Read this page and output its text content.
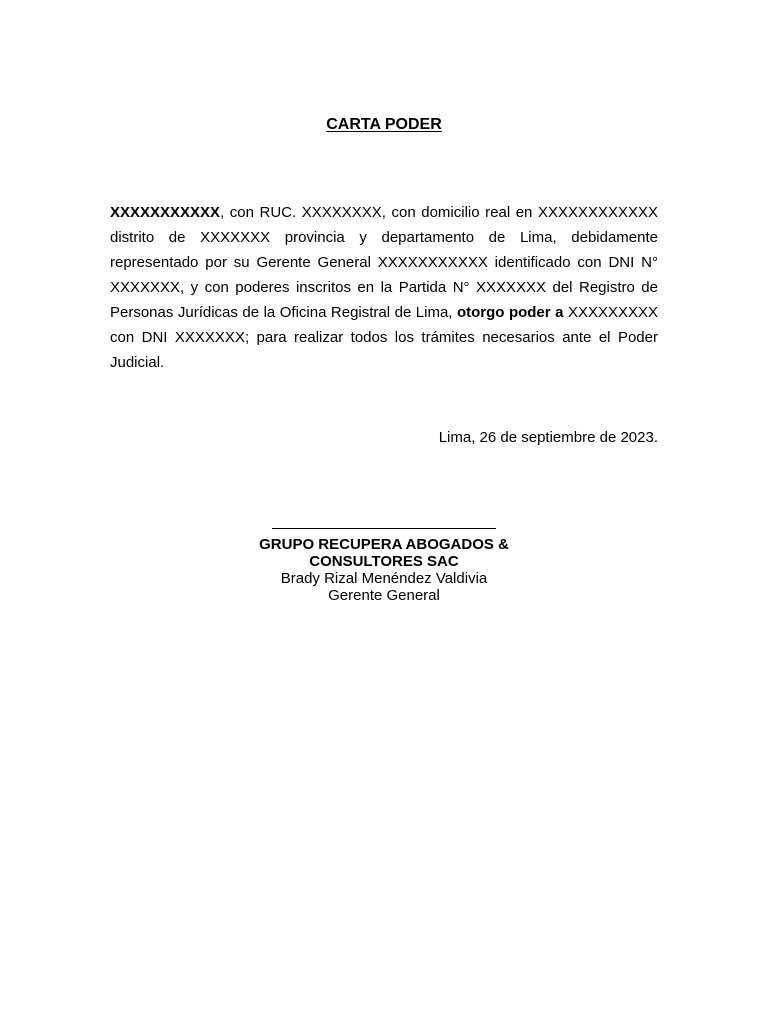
CARTA PODER
XXXXXXXXXXX, con RUC. XXXXXXXX, con domicilio real en XXXXXXXXXXXX distrito de XXXXXXX provincia y departamento de Lima, debidamente representado por su Gerente General XXXXXXXXXXX identificado con DNI N° XXXXXXX, y con poderes inscritos en la Partida N° XXXXXXX del Registro de Personas Jurídicas de la Oficina Registral de Lima, otorgo poder a XXXXXXXXX con DNI XXXXXXX; para realizar todos los trámites necesarios ante el Poder Judicial.
Lima, 26 de septiembre de 2023.
GRUPO RECUPERA ABOGADOS &
CONSULTORES SAC
Brady Rizal Menéndez Valdivia
Gerente General
